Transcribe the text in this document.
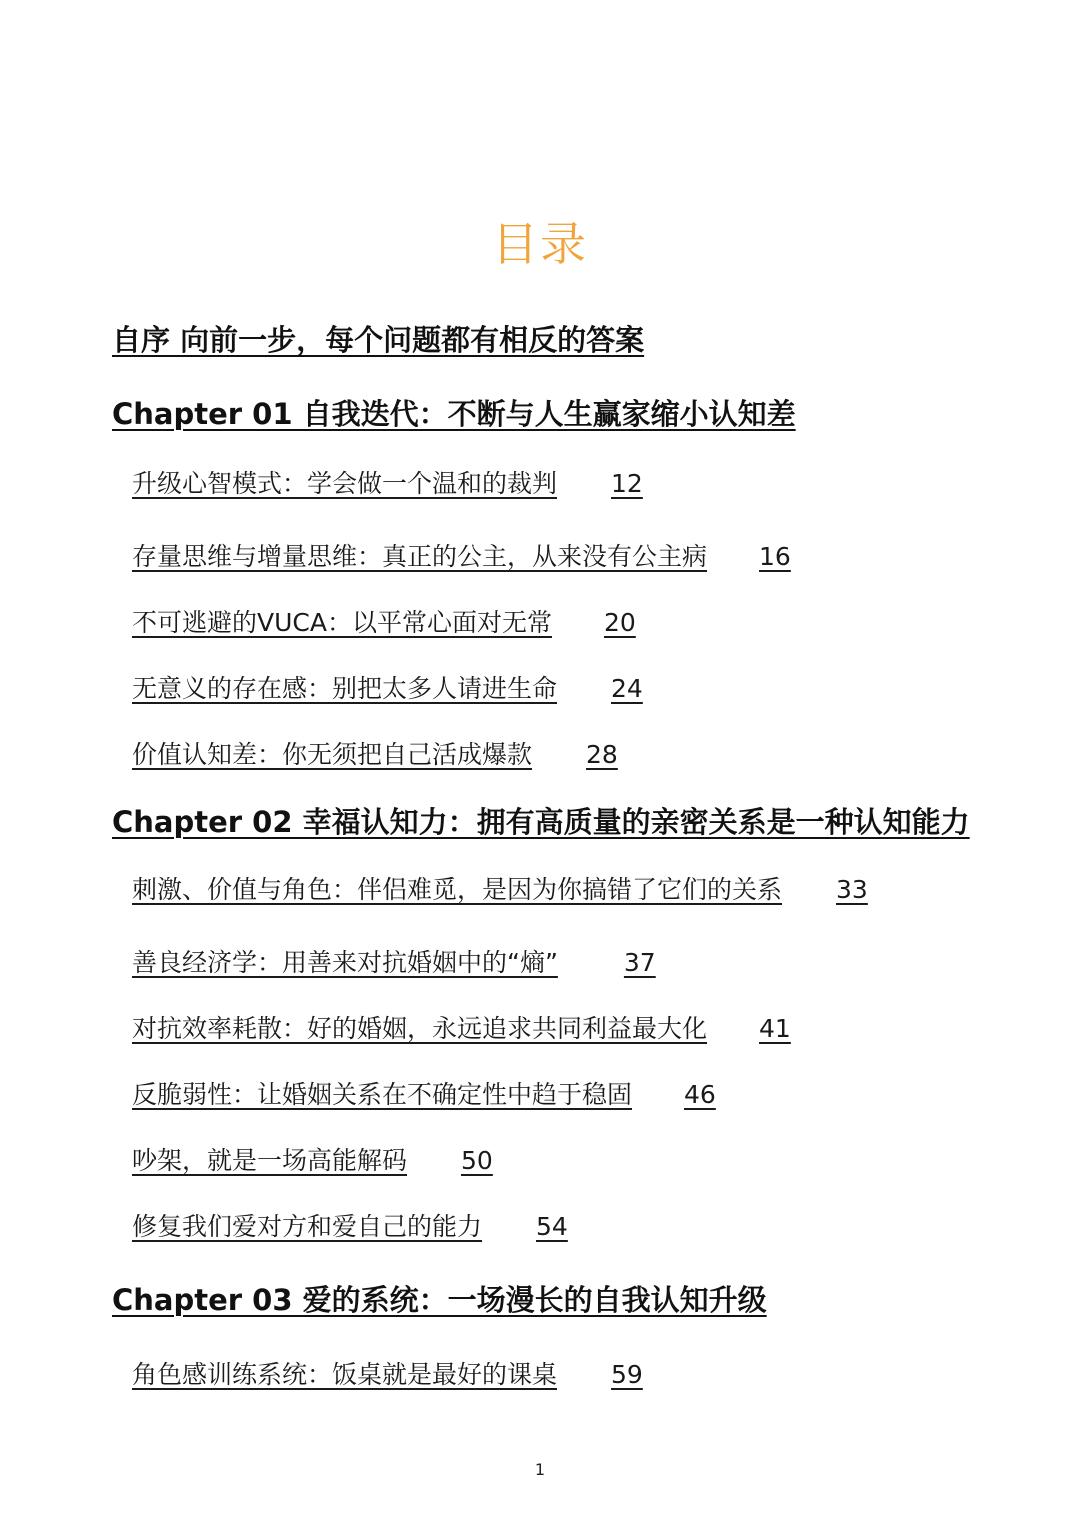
目录
自序 向前一步，每个问题都有相反的答案
Chapter 01 自我迭代：不断与人生赢家缩小认知差
升级心智模式：学会做一个温和的裁判 12
存量思维与增量思维：真正的公主，从来没有公主病 16
不可逃避的VUCA：以平常心面对无常 20
无意义的存在感：别把太多人请进生命 24
价值认知差：你无须把自己活成爆款 28
Chapter 02 幸福认知力：拥有高质量的亲密关系是一种认知能力
刺激、价值与角色：伴侣难觅，是因为你搞错了它们的关系 33
善良经济学：用善来对抗婚姻中的“熵”	37
对抗效率耗散：好的婚姻，永远追求共同利益最大化 41
反脆弱性：让婚姻关系在不确定性中趋于稳固 46
吵架，就是一场高能解码 50
修复我们爱对方和爱自己的能力 54
Chapter 03 爱的系统：一场漫长的自我认知升级
角色感训练系统：饭桌就是最好的课桌 59
1
